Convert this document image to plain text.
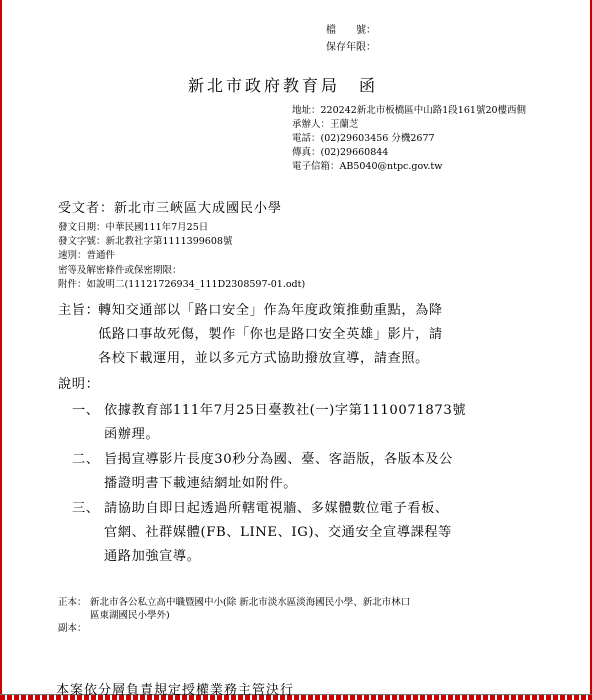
檔　　號：
保存年限：
新北市政府教育局　函
地址：220242新北市板橋區中山路1段161號20樓西側
承辦人：王蘭芝
電話：(02)29603456 分機2677
傳真：(02)29660844
電子信箱：AB5040@ntpc.gov.tw
受文者：新北市三峽區大成國民小學
發文日期：中華民國111年7月25日
發文字號：新北教社字第1111399608號
速別：普通件
密等及解密條件或保密期限：
附件：如說明二(11121726934_111D2308597-01.odt)
主旨：
轉知交通部以「路口安全」作為年度政策推動重點，為降
低路口事故死傷，製作「你也是路口安全英雄」影片，請
各校下載運用，並以多元方式協助撥放宣導，請查照。
說明：
一、 依據教育部111年7月25日臺教社(一)字第1110071873號
函辦理。
二、 旨揭宣導影片長度30秒分為國、臺、客語版，各版本及公
播證明書下載連結網址如附件。
三、 請協助自即日起透過所轄電視牆、多媒體數位電子看板、
官網、社群媒體(FB、LINE、IG)、交通安全宣導課程等
通路加強宣導。
正本： 新北市各公私立高中職暨國中小(除 新北市淡水區淡海國民小學、新北市林口
區東湖國民小學外)
副本：
本案依分層負責規定授權業務主管決行
